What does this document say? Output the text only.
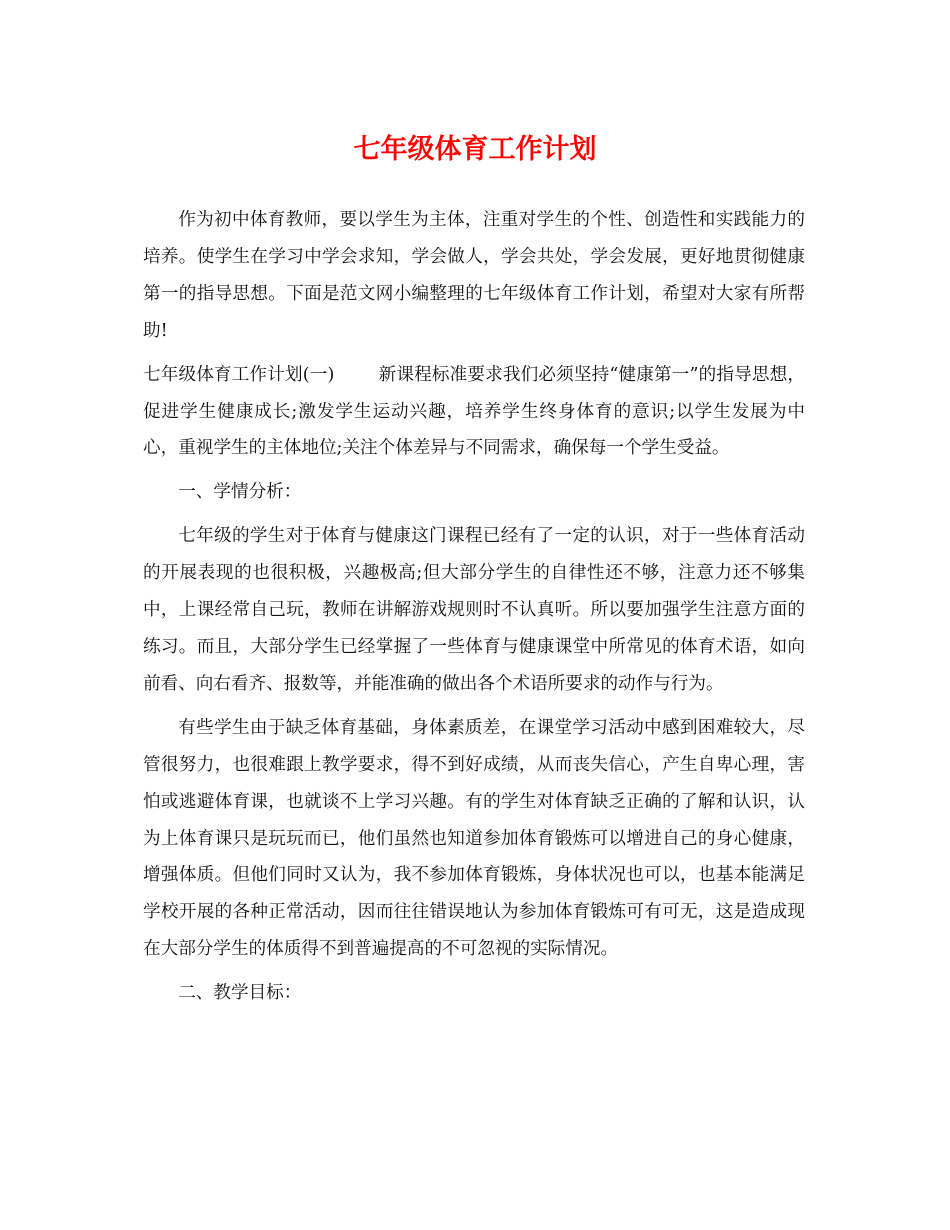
七年级体育工作计划

作为初中体育教师，要以学生为主体，注重对学生的个性、创造性和实践能力的培养。使学生在学习中学会求知，学会做人，学会共处，学会发展，更好地贯彻健康第一的指导思想。下面是范文网小编整理的七年级体育工作计划，希望对大家有所帮助!

七年级体育工作计划(一)	新课程标准要求我们必须坚持“健康第一”的指导思想，促进学生健康成长;激发学生运动兴趣，培养学生终身体育的意识;以学生发展为中心，重视学生的主体地位;关注个体差异与不同需求，确保每一个学生受益。

一、学情分析：

七年级的学生对于体育与健康这门课程已经有了一定的认识，对于一些体育活动的开展表现的也很积极，兴趣极高;但大部分学生的自律性还不够，注意力还不够集中，上课经常自己玩，教师在讲解游戏规则时不认真听。所以要加强学生注意方面的练习。而且，大部分学生已经掌握了一些体育与健康课堂中所常见的体育术语，如向前看、向右看齐、报数等，并能准确的做出各个术语所要求的动作与行为。

有些学生由于缺乏体育基础，身体素质差，在课堂学习活动中感到困难较大，尽管很努力，也很难跟上教学要求，得不到好成绩，从而丧失信心，产生自卑心理，害怕或逃避体育课，也就谈不上学习兴趣。有的学生对体育缺乏正确的了解和认识，认为上体育课只是玩玩而已，他们虽然也知道参加体育锻炼可以增进自己的身心健康，增强体质。但他们同时又认为，我不参加体育锻炼，身体状况也可以，也基本能满足学校开展的各种正常活动，因而往往错误地认为参加体育锻炼可有可无，这是造成现在大部分学生的体质得不到普遍提高的不可忽视的实际情况。

二、教学目标：
